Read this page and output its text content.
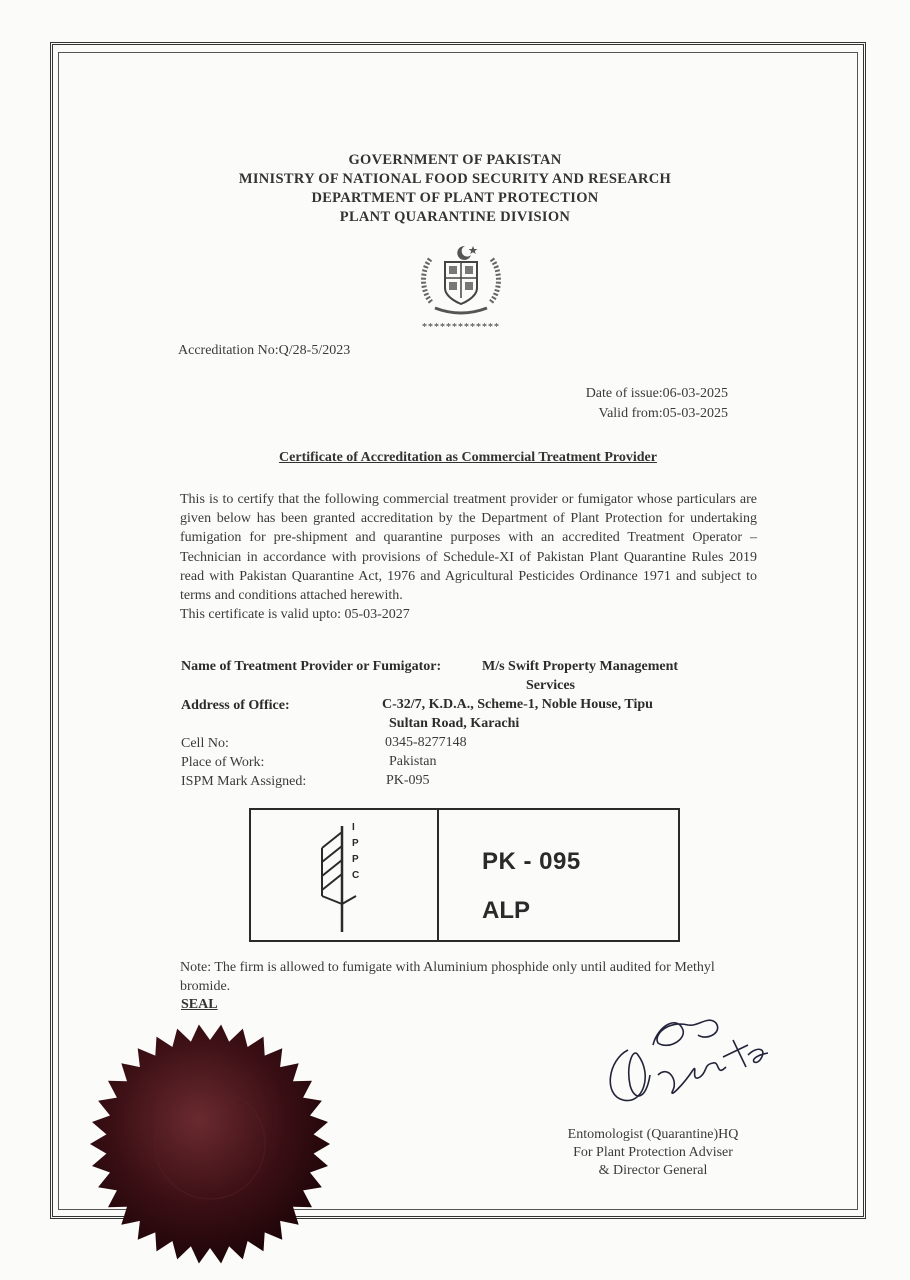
GOVERNMENT OF PAKISTAN
MINISTRY OF NATIONAL FOOD SECURITY AND RESEARCH
DEPARTMENT OF PLANT PROTECTION
PLANT QUARANTINE DIVISION
*************
Accreditation No:Q/28-5/2023
Date of issue:06-03-2025
Valid from:05-03-2025
Certificate of Accreditation as Commercial Treatment Provider
This is to certify that the following commercial treatment provider or fumigator whose particulars are given below has been granted accreditation by the Department of Plant Protection for undertaking fumigation for pre-shipment and quarantine purposes with an accredited Treatment Operator – Technician in accordance with provisions of Schedule-XI of Pakistan Plant Quarantine Rules 2019 read with Pakistan Quarantine Act, 1976 and Agricultural Pesticides Ordinance 1971 and subject to terms and conditions attached herewith.
This certificate is valid upto: 05-03-2027
Name of Treatment Provider or Fumigator:	M/s Swift Property Management
Services
Address of Office:	C-32/7, K.D.A., Scheme-1, Noble House, Tipu
Sultan Road, Karachi
Cell No:	0345-8277148
Place of Work:	Pakistan
ISPM Mark Assigned:	PK-095
I
P
P
C
PK - 095
ALP
Note: The firm is allowed to fumigate with Aluminium phosphide only until audited for Methyl bromide.
SEAL
Entomologist (Quarantine)HQ
For Plant Protection Adviser
& Director General
